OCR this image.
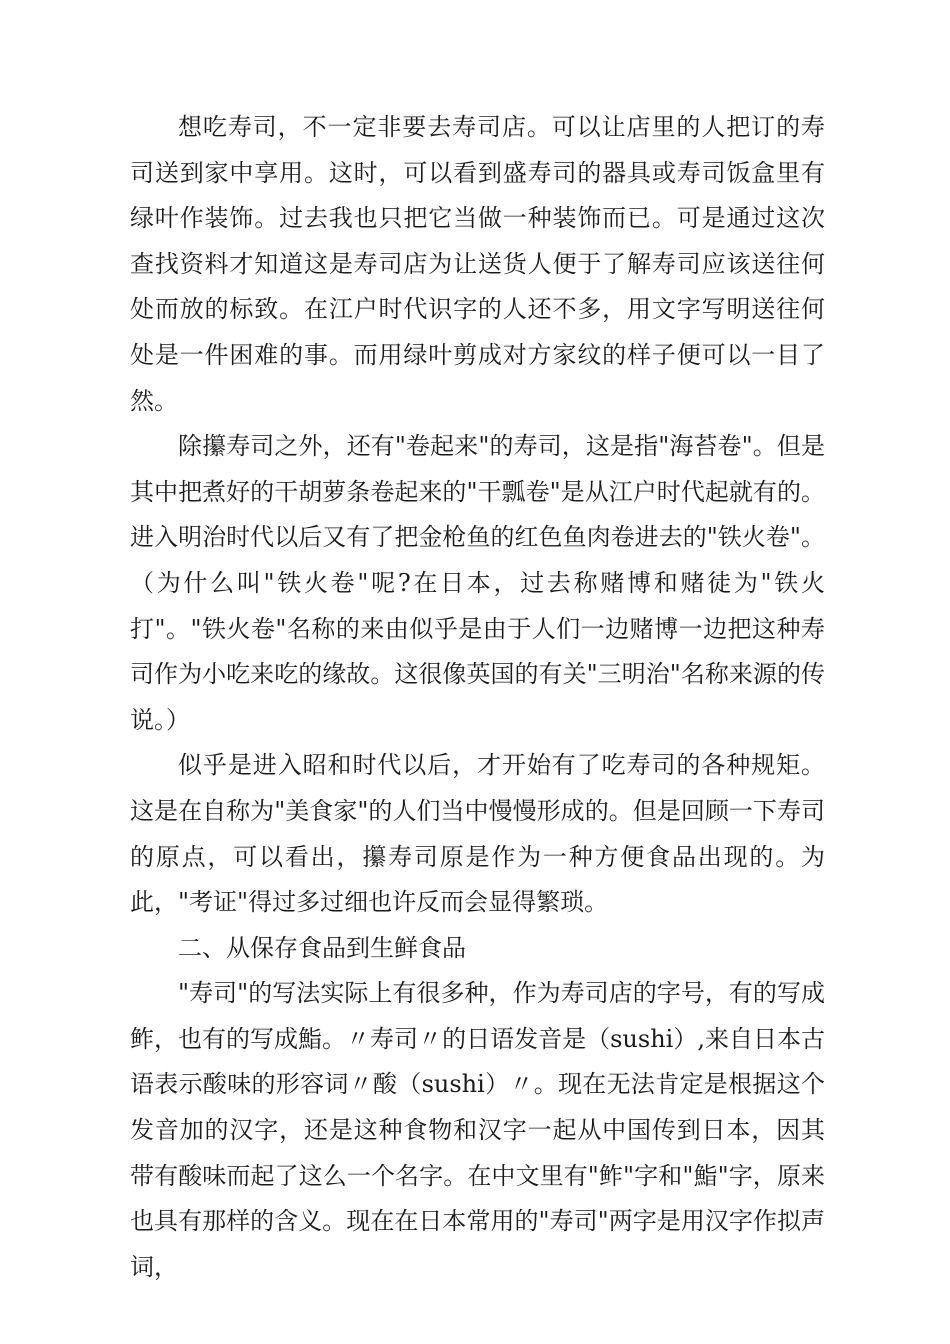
想吃寿司，不一定非要去寿司店。可以让店里的人把订的寿司送到家中享用。这时，可以看到盛寿司的器具或寿司饭盒里有绿叶作装饰。过去我也只把它当做一种装饰而已。可是通过这次查找资料才知道这是寿司店为让送货人便于了解寿司应该送往何处而放的标致。在江户时代识字的人还不多，用文字写明送往何处是一件困难的事。而用绿叶剪成对方家纹的样子便可以一目了然。

除攥寿司之外，还有"卷起来"的寿司，这是指"海苔卷"。但是其中把煮好的干胡萝条卷起来的"干瓢卷"是从江户时代起就有的。进入明治时代以后又有了把金枪鱼的红色鱼肉卷进去的"铁火卷"。（为什么叫"铁火卷"呢?在日本，过去称赌博和赌徒为"铁火打"。"铁火卷"名称的来由似乎是由于人们一边赌博一边把这种寿司作为小吃来吃的缘故。这很像英国的有关"三明治"名称来源的传说。）

似乎是进入昭和时代以后，才开始有了吃寿司的各种规矩。这是在自称为"美食家"的人们当中慢慢形成的。但是回顾一下寿司的原点，可以看出，攥寿司原是作为一种方便食品出现的。为此，"考证"得过多过细也许反而会显得繁琐。

二、从保存食品到生鲜食品

"寿司"的写法实际上有很多种，作为寿司店的字号，有的写成鲊，也有的写成鮨。〃寿司〃的日语发音是（sushi）,来自日本古语表示酸味的形容词〃酸（sushi）〃。现在无法肯定是根据这个发音加的汉字，还是这种食物和汉字一起从中国传到日本，因其带有酸味而起了这么一个名字。在中文里有"鲊"字和"鮨"字，原来也具有那样的含义。现在在日本常用的"寿司"两字是用汉字作拟声词，
